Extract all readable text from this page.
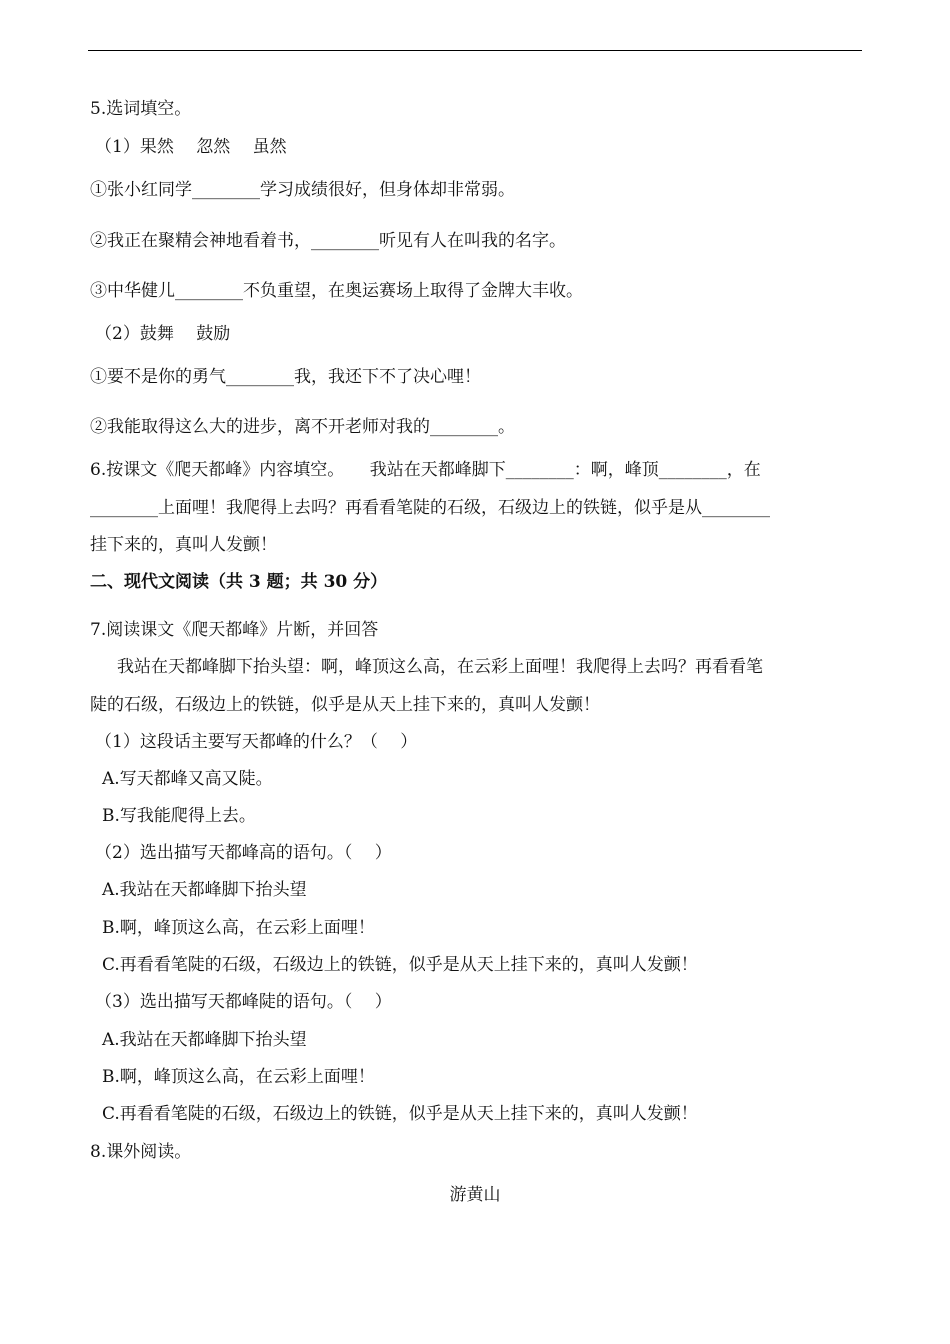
5.选词填空。
（1）果然　 忽然　 虽然
①张小红同学________学习成绩很好，但身体却非常弱。
②我正在聚精会神地看着书，________听见有人在叫我的名字。
③中华健儿________不负重望，在奥运赛场上取得了金牌大丰收。
（2）鼓舞　 鼓励
①要不是你的勇气________我，我还下不了决心哩！
②我能取得这么大的进步，离不开老师对我的________。
6.按课文《爬天都峰》内容填空。　　我站在天都峰脚下________：啊，峰顶________，在
________上面哩！我爬得上去吗？再看看笔陡的石级，石级边上的铁链，似乎是从________
挂下来的，真叫人发颤！
二、现代文阅读（共 3 题；共 30 分）
7.阅读课文《爬天都峰》片断，并回答
我站在天都峰脚下抬头望：啊，峰顶这么高，在云彩上面哩！我爬得上去吗？再看看笔
陡的石级，石级边上的铁链，似乎是从天上挂下来的，真叫人发颤！
（1）这段话主要写天都峰的什么？（　 ）
A.写天都峰又高又陡。
B.写我能爬得上去。
（2）选出描写天都峰高的语句。（　 ）
A.我站在天都峰脚下抬头望
B.啊，峰顶这么高，在云彩上面哩！
C.再看看笔陡的石级，石级边上的铁链，似乎是从天上挂下来的，真叫人发颤！
（3）选出描写天都峰陡的语句。（　 ）
A.我站在天都峰脚下抬头望
B.啊，峰顶这么高，在云彩上面哩！
C.再看看笔陡的石级，石级边上的铁链，似乎是从天上挂下来的，真叫人发颤！
8.课外阅读。
游黄山
